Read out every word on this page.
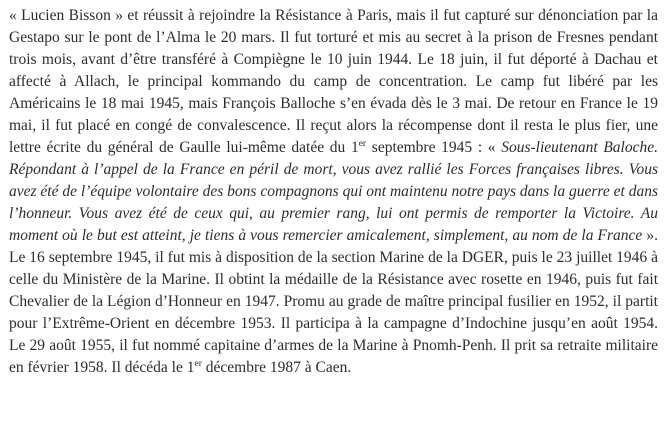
« Lucien Bisson » et réussit à rejoindre la Résistance à Paris, mais il fut capturé sur dénonciation par la Gestapo sur le pont de l’Alma le 20 mars. Il fut torturé et mis au secret à la prison de Fresnes pendant trois mois, avant d’être transféré à Compiègne le 10 juin 1944. Le 18 juin, il fut déporté à Dachau et affecté à Allach, le principal kommando du camp de concentration. Le camp fut libéré par les Américains le 18 mai 1945, mais François Balloche s’en évada dès le 3 mai. De retour en France le 19 mai, il fut placé en congé de convalescence. Il reçut alors la récompense dont il resta le plus fier, une lettre écrite du général de Gaulle lui-même datée du 1er septembre 1945 : « Sous-lieutenant Baloche. Répondant à l’appel de la France en péril de mort, vous avez rallié les Forces françaises libres. Vous avez été de l’équipe volontaire des bons compagnons qui ont maintenu notre pays dans la guerre et dans l’honneur. Vous avez été de ceux qui, au premier rang, lui ont permis de remporter la Victoire. Au moment où le but est atteint, je tiens à vous remercier amicalement, simplement, au nom de la France ». Le 16 septembre 1945, il fut mis à disposition de la section Marine de la DGER, puis le 23 juillet 1946 à celle du Ministère de la Marine. Il obtint la médaille de la Résistance avec rosette en 1946, puis fut fait Chevalier de la Légion d’Honneur en 1947. Promu au grade de maître principal fusilier en 1952, il partit pour l’Extrême-Orient en décembre 1953. Il participa à la campagne d’Indochine jusqu’en août 1954. Le 29 août 1955, il fut nommé capitaine d’armes de la Marine à Pnomh-Penh. Il prit sa retraite militaire en février 1958. Il décéda le 1er décembre 1987 à Caen.
